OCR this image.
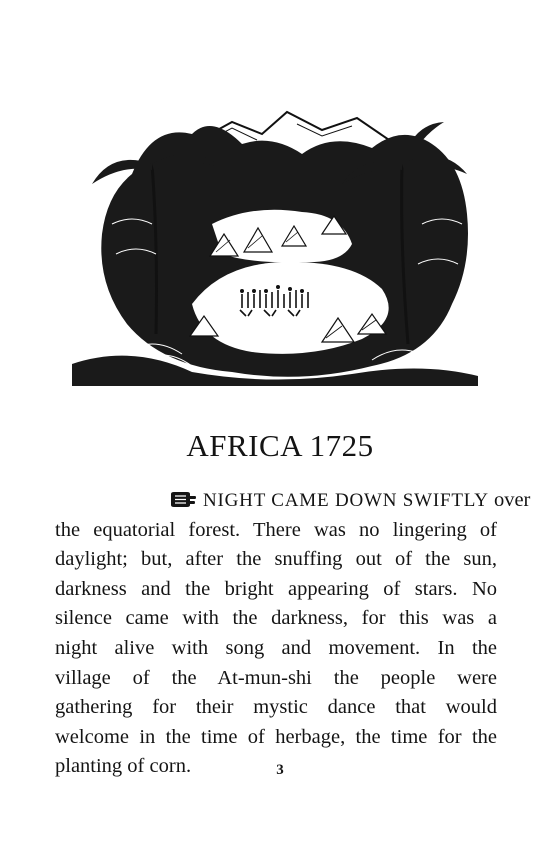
AFRICA 1725
NIGHT CAME DOWN SWIFTLY over
the equatorial forest. There was no lingering of
daylight; but, after the snuffing out of the sun,
darkness and the bright appearing of stars. No
silence came with the darkness, for this was a
night alive with song and movement. In the
village of the At-mun-shi the people were
gathering for their mystic dance that would
welcome in the time of herbage, the time for the
planting of corn.	3
